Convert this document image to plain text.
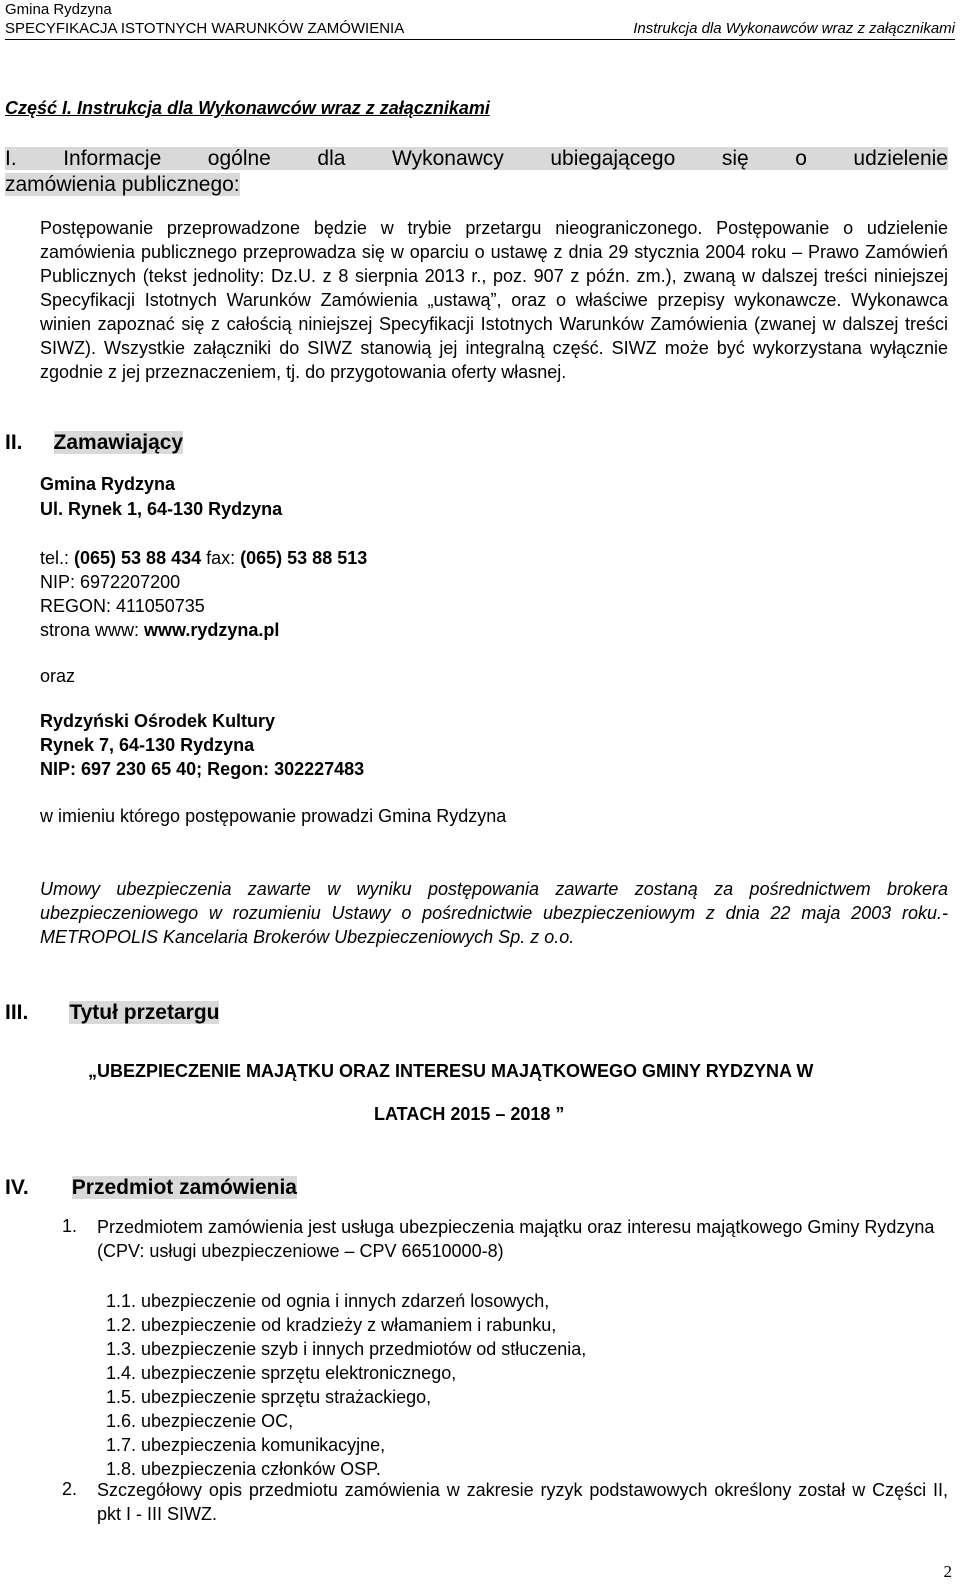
Gmina Rydzyna
SPECYFIKACJA ISTOTNYCH WARUNKÓW ZAMÓWIENIA	Instrukcja dla Wykonawców wraz z załącznikami
Część I. Instrukcja dla Wykonawców wraz z załącznikami
I. Informacje ogólne dla Wykonawcy ubiegającego się o udzielenie
zamówienia publicznego:
Postępowanie przeprowadzone będzie w trybie przetargu nieograniczonego. Postępowanie o udzielenie zamówienia publicznego przeprowadza się w oparciu o ustawę z dnia 29 stycznia 2004 roku – Prawo Zamówień Publicznych (tekst jednolity: Dz.U. z 8 sierpnia 2013 r., poz. 907 z późn. zm.), zwaną w dalszej treści niniejszej Specyfikacji Istotnych Warunków Zamówienia „ustawą”, oraz o właściwe przepisy wykonawcze. Wykonawca winien zapoznać się z całością niniejszej Specyfikacji Istotnych Warunków Zamówienia (zwanej w dalszej treści SIWZ). Wszystkie załączniki do SIWZ stanowią jej integralną część. SIWZ może być wykorzystana wyłącznie zgodnie z jej przeznaczeniem, tj. do przygotowania oferty własnej.
II. Zamawiający
Gmina Rydzyna
Ul. Rynek 1, 64-130 Rydzyna
tel.: (065) 53 88 434 fax: (065) 53 88 513
NIP: 6972207200
REGON: 411050735
strona www: www.rydzyna.pl
oraz
Rydzyński Ośrodek Kultury
Rynek 7, 64-130 Rydzyna
NIP: 697 230 65 40; Regon: 302227483
w imieniu którego postępowanie prowadzi Gmina Rydzyna
Umowy ubezpieczenia zawarte w wyniku postępowania zawarte zostaną za pośrednictwem brokera ubezpieczeniowego w rozumieniu Ustawy o pośrednictwie ubezpieczeniowym z dnia 22 maja 2003 roku.- METROPOLIS Kancelaria Brokerów Ubezpieczeniowych Sp. z o.o.
III. Tytuł przetargu
„UBEZPIECZENIE MAJĄTKU ORAZ INTERESU MAJĄTKOWEGO GMINY RYDZYNA W
LATACH 2015 – 2018 ”
IV. Przedmiot zamówienia
1. Przedmiotem zamówienia jest usługa ubezpieczenia majątku oraz interesu majątkowego Gminy Rydzyna
(CPV: usługi ubezpieczeniowe – CPV 66510000-8)
1.1. ubezpieczenie od ognia i innych zdarzeń losowych,
1.2. ubezpieczenie od kradzieży z włamaniem i rabunku,
1.3. ubezpieczenie szyb i innych przedmiotów od stłuczenia,
1.4. ubezpieczenie sprzętu elektronicznego,
1.5. ubezpieczenie sprzętu strażackiego,
1.6. ubezpieczenie OC,
1.7. ubezpieczenia komunikacyjne,
1.8. ubezpieczenia członków OSP.
2. Szczegółowy opis przedmiotu zamówienia w zakresie ryzyk podstawowych określony został w Części II, pkt I - III SIWZ.
2
